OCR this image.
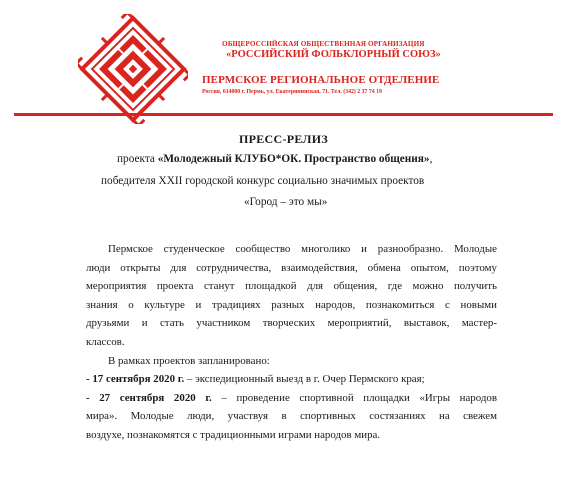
ОБЩЕРОССИЙСКАЯ ОБЩЕСТВЕННАЯ ОРГАНИЗАЦИЯ
«РОССИЙСКИЙ ФОЛЬКЛОРНЫЙ СОЮЗ»
ПЕРМСКОЕ РЕГИОНАЛЬНОЕ ОТДЕЛЕНИЕ
Россия, 614000 г. Пермь, ул. Екатерининская, 71. Тел. (342) 2 37 74 19
ПРЕСС-РЕЛИЗ
проекта «Молодежный КЛУБО*ОК. Пространство общения»,
победителя XXII городской конкурс социально значимых проектов
«Город – это мы»
Пермское студенческое сообщество многолико и разнообразно. Молодые
люди открыты для сотрудничества, взаимодействия, обмена опытом, поэтому
мероприятия проекта станут площадкой для общения, где можно получить
знания о культуре и традициях разных народов, познакомиться с новыми
друзьями и стать участником творческих мероприятий, выставок, мастер-
классов.
В рамках проектов запланировано:
- 17 сентября 2020 г. – экспедиционный выезд в г. Очер Пермского края;
- 27 сентября 2020 г. – проведение спортивной площадки «Игры народов
мира». Молодые люди, участвуя в спортивных состязаниях на свежем
воздухе, познакомятся с традиционными играми народов мира.
